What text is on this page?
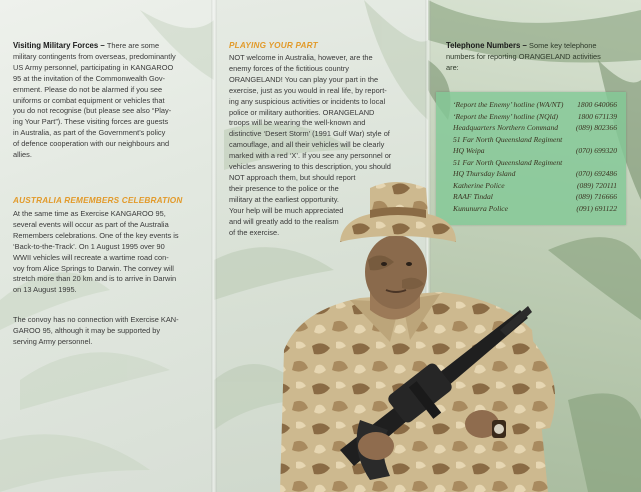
Visiting Military Forces – There are some

military contingents from overseas, predominantly

US Army personnel, participating in KANGAROO

95 at the invitation of the Commonwealth Gov-

ernment. Please do not be alarmed if you see

uniforms or combat equipment or vehicles that

you do not recognise (but please see also “Play-

ing Your Part”). These visiting forces are guests

in Australia, as part of the Government’s policy

of defence cooperation with our neighbours and

allies.

AUSTRALIA REMEMBERS CELEBRATION

At the same time as Exercise KANGAROO 95,

several events will occur as part of the Australia

Remembers celebrations. One of the key events is

‘Back-to-the-Track’. On 1 August 1995 over 90

WWII vehicles will recreate a wartime road con-

voy from Alice Springs to Darwin. The convey will

stretch more than 20 km and is to arrive in Darwin

on 13 August 1995.

The convoy has no connection with Exercise KAN-

GAROO 95, although it may be supported by

serving Army personnel.

PLAYING YOUR PART

NOT welcome in Australia, however, are the

enemy forces of the fictitious country

ORANGELAND! You can play your part in the

exercise, just as you would in real life, by report-

ing any suspicious activities or incidents to local

police or military authorities. ORANGELAND

troops will be wearing the well-known and

distinctive ‘Desert Storm’ (1991 Gulf War) style of

camouflage, and all their vehicles will be clearly

marked with a red ‘X’. If you see any personnel or

vehicles answering to this description, you should

NOT approach them, but should report

their presence to the police or the

military at the earliest opportunity.

Your help will be much appreciated

and will greatly add to the realism

of the exercise.

Telephone Numbers – Some key telephone

numbers for reporting ORANGELAND activities

are:

‘Report the Enemy’ hotline (WA/NT) 1800 640066
‘Report the Enemy’ hotline (NQld)	1800 671139
Headquarters Northern Command (089) 802366
51 Far North Queensland Regiment
HQ Weipa	(070) 699320
51 Far North Queensland Regiment
HQ Thursday Island	(070) 692486
Katherine Police	(089) 720111
RAAF Tindal	(089) 716666
Kununurra Police	(091) 691122
